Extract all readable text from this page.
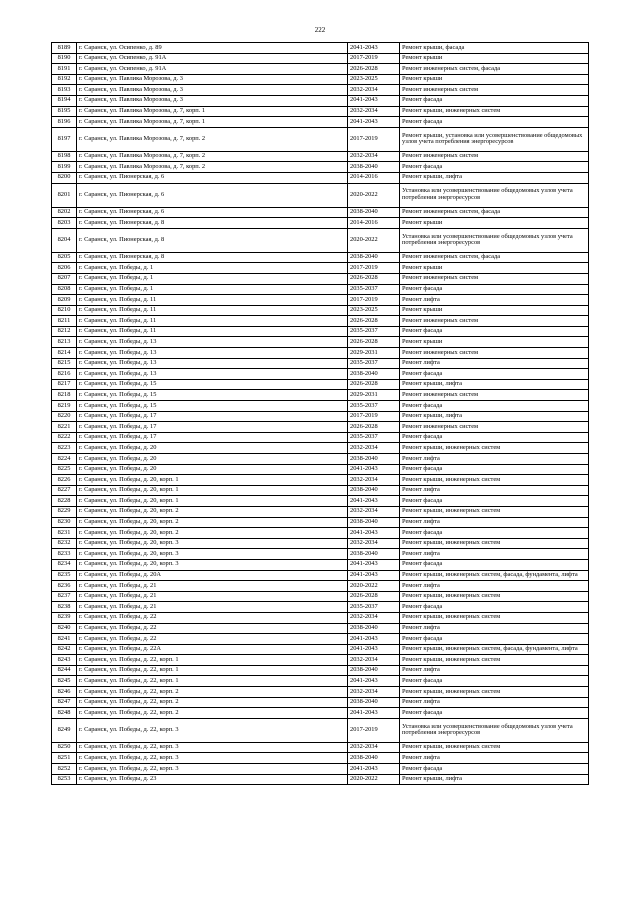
222
8189	г. Саранск, ул. Осипенко, д. 89	2041-2043	Ремонт крыши, фасада
8190	г. Саранск, ул. Осипенко, д. 91А	2017-2019	Ремонт крыши
8191	г. Саранск, ул. Осипенко, д. 91А	2026-2028	Ремонт инженерных систем, фасада
8192	г. Саранск, ул. Павлика Морозова, д. 3	2023-2025	Ремонт крыши
8193	г. Саранск, ул. Павлика Морозова, д. 3	2032-2034	Ремонт инженерных систем
8194	г. Саранск, ул. Павлика Морозова, д. 3	2041-2043	Ремонт фасада
8195	г. Саранск, ул. Павлика Морозова, д. 7, корп. 1	2032-2034	Ремонт крыши, инженерных систем
8196	г. Саранск, ул. Павлика Морозова, д. 7, корп. 1	2041-2043	Ремонт фасада
8197	г. Саранск, ул. Павлика Морозова, д. 7, корп. 2	2017-2019	Ремонт крыши, установка или усовершенствование общедомовых узлов учета потребления энергоресурсов
8198	г. Саранск, ул. Павлика Морозова, д. 7, корп. 2	2032-2034	Ремонт инженерных систем
8199	г. Саранск, ул. Павлика Морозова, д. 7, корп. 2	2038-2040	Ремонт фасада
8200	г. Саранск, ул. Пионерская, д. 6	2014-2016	Ремонт крыши, лифта
8201	г. Саранск, ул. Пионерская, д. 6	2020-2022	Установка или усовершенствование общедомовых узлов учета потребления энергоресурсов
8202	г. Саранск, ул. Пионерская, д. 6	2038-2040	Ремонт инженерных систем, фасада
8203	г. Саранск, ул. Пионерская, д. 8	2014-2016	Ремонт крыши
8204	г. Саранск, ул. Пионерская, д. 8	2020-2022	Установка или усовершенствование общедомовых узлов учета потребления энергоресурсов
8205	г. Саранск, ул. Пионерская, д. 8	2038-2040	Ремонт инженерных систем, фасада
8206	г. Саранск, ул. Победы, д. 1	2017-2019	Ремонт крыши
8207	г. Саранск, ул. Победы, д. 1	2026-2028	Ремонт инженерных систем
8208	г. Саранск, ул. Победы, д. 1	2035-2037	Ремонт фасада
8209	г. Саранск, ул. Победы, д. 11	2017-2019	Ремонт лифта
8210	г. Саранск, ул. Победы, д. 11	2023-2025	Ремонт крыши
8211	г. Саранск, ул. Победы, д. 11	2026-2028	Ремонт инженерных систем
8212	г. Саранск, ул. Победы, д. 11	2035-2037	Ремонт фасада
8213	г. Саранск, ул. Победы, д. 13	2026-2028	Ремонт крыши
8214	г. Саранск, ул. Победы, д. 13	2029-2031	Ремонт инженерных систем
8215	г. Саранск, ул. Победы, д. 13	2035-2037	Ремонт лифта
8216	г. Саранск, ул. Победы, д. 13	2038-2040	Ремонт фасада
8217	г. Саранск, ул. Победы, д. 15	2026-2028	Ремонт крыши, лифта
8218	г. Саранск, ул. Победы, д. 15	2029-2031	Ремонт инженерных систем
8219	г. Саранск, ул. Победы, д. 15	2035-2037	Ремонт фасада
8220	г. Саранск, ул. Победы, д. 17	2017-2019	Ремонт крыши, лифта
8221	г. Саранск, ул. Победы, д. 17	2026-2028	Ремонт инженерных систем
8222	г. Саранск, ул. Победы, д. 17	2035-2037	Ремонт фасада
8223	г. Саранск, ул. Победы, д. 20	2032-2034	Ремонт крыши, инженерных систем
8224	г. Саранск, ул. Победы, д. 20	2038-2040	Ремонт лифта
8225	г. Саранск, ул. Победы, д. 20	2041-2043	Ремонт фасада
8226	г. Саранск, ул. Победы, д. 20, корп. 1	2032-2034	Ремонт крыши, инженерных систем
8227	г. Саранск, ул. Победы, д. 20, корп. 1	2038-2040	Ремонт лифта
8228	г. Саранск, ул. Победы, д. 20, корп. 1	2041-2043	Ремонт фасада
8229	г. Саранск, ул. Победы, д. 20, корп. 2	2032-2034	Ремонт крыши, инженерных систем
8230	г. Саранск, ул. Победы, д. 20, корп. 2	2038-2040	Ремонт лифта
8231	г. Саранск, ул. Победы, д. 20, корп. 2	2041-2043	Ремонт фасада
8232	г. Саранск, ул. Победы, д. 20, корп. 3	2032-2034	Ремонт крыши, инженерных систем
8233	г. Саранск, ул. Победы, д. 20, корп. 3	2038-2040	Ремонт лифта
8234	г. Саранск, ул. Победы, д. 20, корп. 3	2041-2043	Ремонт фасада
8235	г. Саранск, ул. Победы, д. 20А	2041-2043	Ремонт крыши, инженерных систем, фасада, фундамента, лифта
8236	г. Саранск, ул. Победы, д. 21	2020-2022	Ремонт лифта
8237	г. Саранск, ул. Победы, д. 21	2026-2028	Ремонт крыши, инженерных систем
8238	г. Саранск, ул. Победы, д. 21	2035-2037	Ремонт фасада
8239	г. Саранск, ул. Победы, д. 22	2032-2034	Ремонт крыши, инженерных систем
8240	г. Саранск, ул. Победы, д. 22	2038-2040	Ремонт лифта
8241	г. Саранск, ул. Победы, д. 22	2041-2043	Ремонт фасада
8242	г. Саранск, ул. Победы, д. 22А	2041-2043	Ремонт крыши, инженерных систем, фасада, фундамента, лифта
8243	г. Саранск, ул. Победы, д. 22, корп. 1	2032-2034	Ремонт крыши, инженерных систем
8244	г. Саранск, ул. Победы, д. 22, корп. 1	2038-2040	Ремонт лифта
8245	г. Саранск, ул. Победы, д. 22, корп. 1	2041-2043	Ремонт фасада
8246	г. Саранск, ул. Победы, д. 22, корп. 2	2032-2034	Ремонт крыши, инженерных систем
8247	г. Саранск, ул. Победы, д. 22, корп. 2	2038-2040	Ремонт лифта
8248	г. Саранск, ул. Победы, д. 22, корп. 2	2041-2043	Ремонт фасада
8249	г. Саранск, ул. Победы, д. 22, корп. 3	2017-2019	Установка или усовершенствование общедомовых узлов учета потребления энергоресурсов
8250	г. Саранск, ул. Победы, д. 22, корп. 3	2032-2034	Ремонт крыши, инженерных систем
8251	г. Саранск, ул. Победы, д. 22, корп. 3	2038-2040	Ремонт лифта
8252	г. Саранск, ул. Победы, д. 22, корп. 3	2041-2043	Ремонт фасада
8253	г. Саранск, ул. Победы, д. 23	2020-2022	Ремонт крыши, лифта
